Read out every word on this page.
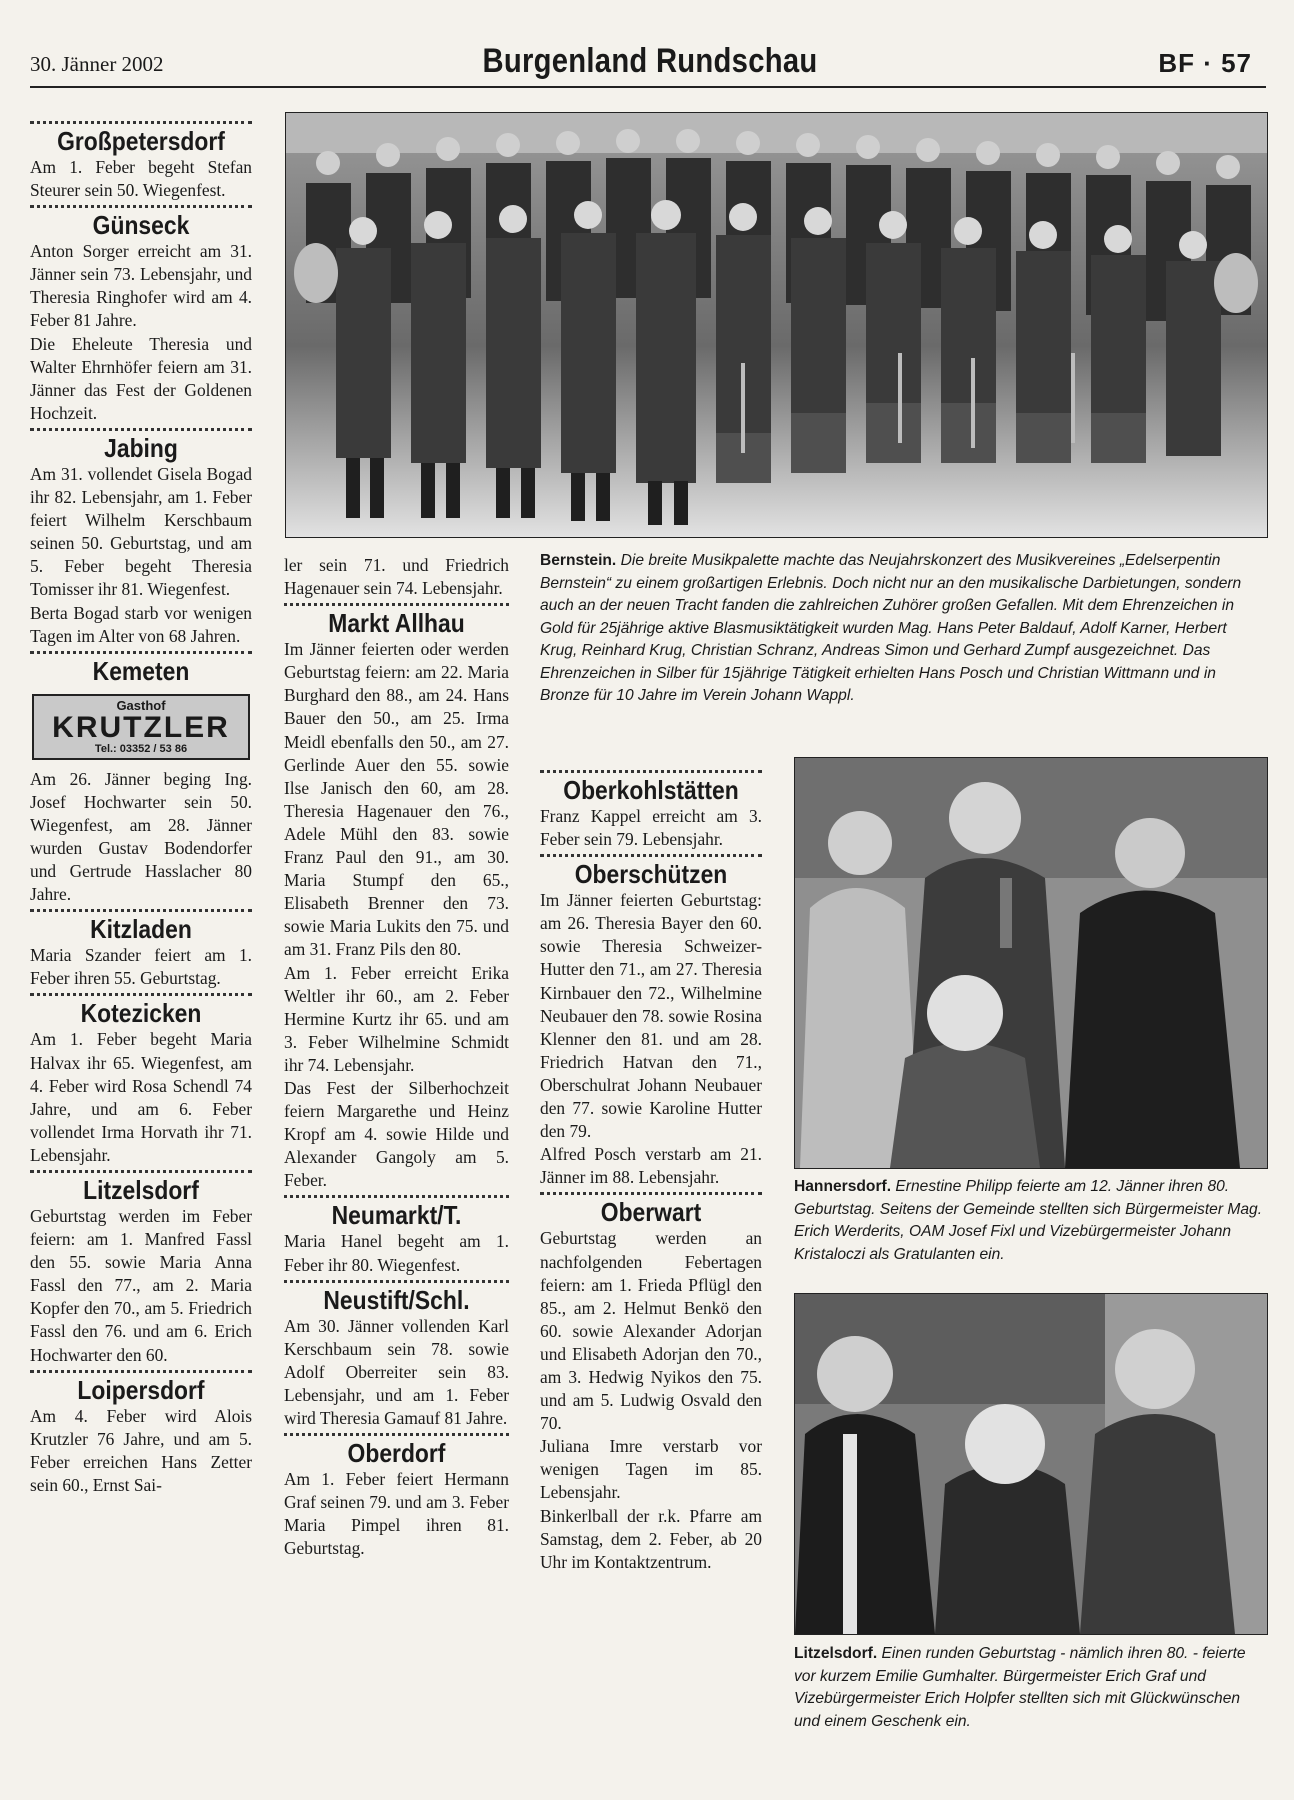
30. Jänner 2002	Burgenland Rundschau	BF · 57
Großpetersdorf

Am 1. Feber begeht Stefan Steurer sein 50. Wiegenfest.

Günseck

Anton Sorger erreicht am 31. Jänner sein 73. Lebensjahr, und Theresia Ringhofer wird am 4. Feber 81 Jahre.

Die Eheleute Theresia und Walter Ehrnhöfer feiern am 31. Jänner das Fest der Goldenen Hochzeit.

Jabing

Am 31. vollendet Gisela Bogad ihr 82. Lebensjahr, am 1. Feber feiert Wilhelm Kerschbaum seinen 50. Geburtstag, und am 5. Feber begeht Theresia Tomisser ihr 81. Wiegenfest.

Berta Bogad starb vor wenigen Tagen im Alter von 68 Jahren.

Kemeten
Gasthof
KRUTZLER
Tel.: 03352 / 53 86

Am 26. Jänner beging Ing. Josef Hochwarter sein 50. Wiegenfest, am 28. Jänner wurden Gustav Bodendorfer und Gertrude Hasslacher 80 Jahre.

Kitzladen

Maria Szander feiert am 1. Feber ihren 55. Geburtstag.

Kotezicken

Am 1. Feber begeht Maria Halvax ihr 65. Wiegenfest, am 4. Feber wird Rosa Schendl 74 Jahre, und am 6. Feber vollendet Irma Horvath ihr 71. Lebensjahr.

Litzelsdorf

Geburtstag werden im Feber feiern: am 1. Manfred Fassl den 55. sowie Maria Anna Fassl den 77., am 2. Maria Kopfer den 70., am 5. Friedrich Fassl den 76. und am 6. Erich Hochwarter den 60.

Loipersdorf

Am 4. Feber wird Alois Krutzler 76 Jahre, und am 5. Feber erreichen Hans Zetter sein 60., Ernst Sai-

ler sein 71. und Friedrich Hagenauer sein 74. Lebensjahr.

Markt Allhau

Im Jänner feierten oder werden Geburtstag feiern: am 22. Maria Burghard den 88., am 24. Hans Bauer den 50., am 25. Irma Meidl ebenfalls den 50., am 27. Gerlinde Auer den 55. sowie Ilse Janisch den 60, am 28. Theresia Hagenauer den 76., Adele Mühl den 83. sowie Franz Paul den 91., am 30. Maria Stumpf den 65., Elisabeth Brenner den 73. sowie Maria Lukits den 75. und am 31. Franz Pils den 80.

Am 1. Feber erreicht Erika Weltler ihr 60., am 2. Feber Hermine Kurtz ihr 65. und am 3. Feber Wilhelmine Schmidt ihr 74. Lebensjahr.

Das Fest der Silberhochzeit feiern Margarethe und Heinz Kropf am 4. sowie Hilde und Alexander Gangoly am 5. Feber.

Neumarkt/T.

Maria Hanel begeht am 1. Feber ihr 80. Wiegenfest.

Neustift/Schl.

Am 30. Jänner vollenden Karl Kerschbaum sein 78. sowie Adolf Oberreiter sein 83. Lebensjahr, und am 1. Feber wird Theresia Gamauf 81 Jahre.

Oberdorf

Am 1. Feber feiert Hermann Graf seinen 79. und am 3. Feber Maria Pimpel ihren 81. Geburtstag.

Oberkohlstätten

Franz Kappel erreicht am 3. Feber sein 79. Lebensjahr.

Oberschützen

Im Jänner feierten Geburtstag: am 26. Theresia Bayer den 60. sowie Theresia Schweizer-Hutter den 71., am 27. Theresia Kirnbauer den 72., Wilhelmine Neubauer den 78. sowie Rosina Klenner den 81. und am 28. Friedrich Hatvan den 71., Oberschulrat Johann Neubauer den 77. sowie Karoline Hutter den 79.

Alfred Posch verstarb am 21. Jänner im 88. Lebensjahr.

Oberwart

Geburtstag werden an nachfolgenden Febertagen feiern: am 1. Frieda Pflügl den 85., am 2. Helmut Benkö den 60. sowie Alexander Adorjan und Elisabeth Adorjan den 70., am 3. Hedwig Nyikos den 75. und am 5. Ludwig Osvald den 70.

Juliana Imre verstarb vor wenigen Tagen im 85. Lebensjahr.

Binkerlball der r.k. Pfarre am Samstag, dem 2. Feber, ab 20 Uhr im Kontaktzentrum.

Bernstein. Die breite Musikpalette machte das Neujahrskonzert des Musikvereines „Edelserpentin Bernstein“ zu einem großartigen Erlebnis. Doch nicht nur an den musikalische Darbietungen, sondern auch an der neuen Tracht fanden die zahlreichen Zuhörer großen Gefallen. Mit dem Ehrenzeichen in Gold für 25jährige aktive Blasmusiktätigkeit wurden Mag. Hans Peter Baldauf, Adolf Karner, Herbert Krug, Reinhard Krug, Christian Schranz, Andreas Simon und Gerhard Zumpf ausgezeichnet. Das Ehrenzeichen in Silber für 15jährige Tätigkeit erhielten Hans Posch und Christian Wittmann und in Bronze für 10 Jahre im Verein Johann Wappl.
Hannersdorf. Ernestine Philipp feierte am 12. Jänner ihren 80. Geburtstag. Seitens der Gemeinde stellten sich Bürgermeister Mag. Erich Werderits, OAM Josef Fixl und Vizebürgermeister Johann Kristaloczi als Gratulanten ein.
Litzelsdorf. Einen runden Geburtstag - nämlich ihren 80. - feierte vor kurzem Emilie Gumhalter. Bürgermeister Erich Graf und Vizebürgermeister Erich Holpfer stellten sich mit Glückwünschen und einem Geschenk ein.
